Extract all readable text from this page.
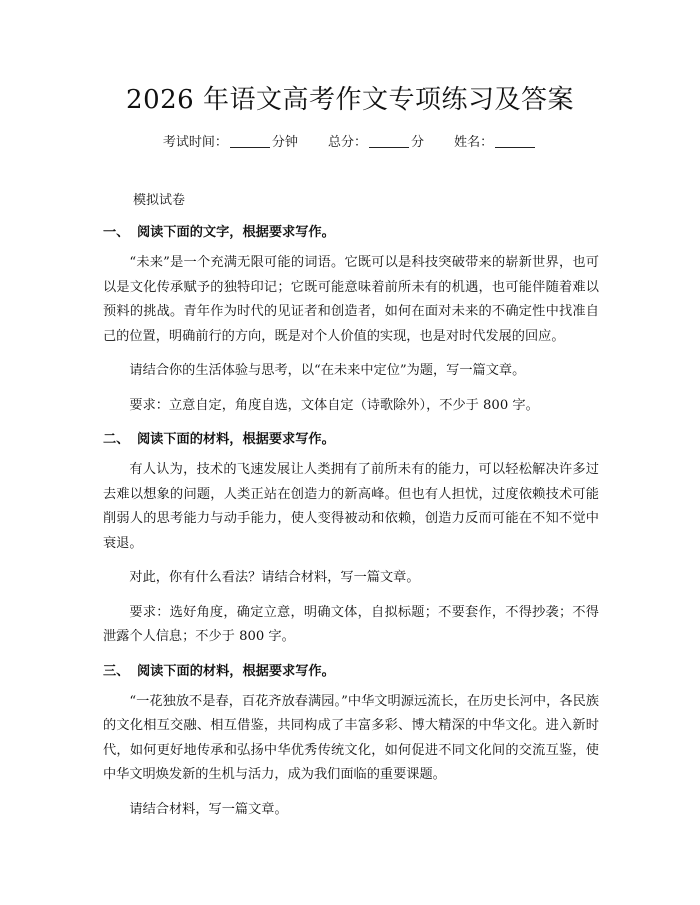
2026 年语文高考作文专项练习及答案
考试时间：	分钟 总分：	分 姓名：
模拟试卷
一、 阅读下面的文字，根据要求写作。

“未来”是一个充满无限可能的词语。它既可以是科技突破带来的崭新世界，也可以是文化传承赋予的独特印记；它既可能意味着前所未有的机遇，也可能伴随着难以预料的挑战。青年作为时代的见证者和创造者，如何在面对未来的不确定性中找准自己的位置，明确前行的方向，既是对个人价值的实现，也是对时代发展的回应。

请结合你的生活体验与思考，以“在未来中定位”为题，写一篇文章。

要求：立意自定，角度自选，文体自定（诗歌除外），不少于 800 字。

二、 阅读下面的材料，根据要求写作。

有人认为，技术的飞速发展让人类拥有了前所未有的能力，可以轻松解决许多过去难以想象的问题，人类正站在创造力的新高峰。但也有人担忧，过度依赖技术可能削弱人的思考能力与动手能力，使人变得被动和依赖，创造力反而可能在不知不觉中衰退。

对此，你有什么看法？请结合材料，写一篇文章。

要求：选好角度，确定立意，明确文体，自拟标题；不要套作，不得抄袭；不得泄露个人信息；不少于 800 字。

三、 阅读下面的材料，根据要求写作。

“一花独放不是春，百花齐放春满园。”中华文明源远流长，在历史长河中，各民族的文化相互交融、相互借鉴，共同构成了丰富多彩、博大精深的中华文化。进入新时代，如何更好地传承和弘扬中华优秀传统文化，如何促进不同文化间的交流互鉴，使中华文明焕发新的生机与活力，成为我们面临的重要课题。

请结合材料，写一篇文章。
